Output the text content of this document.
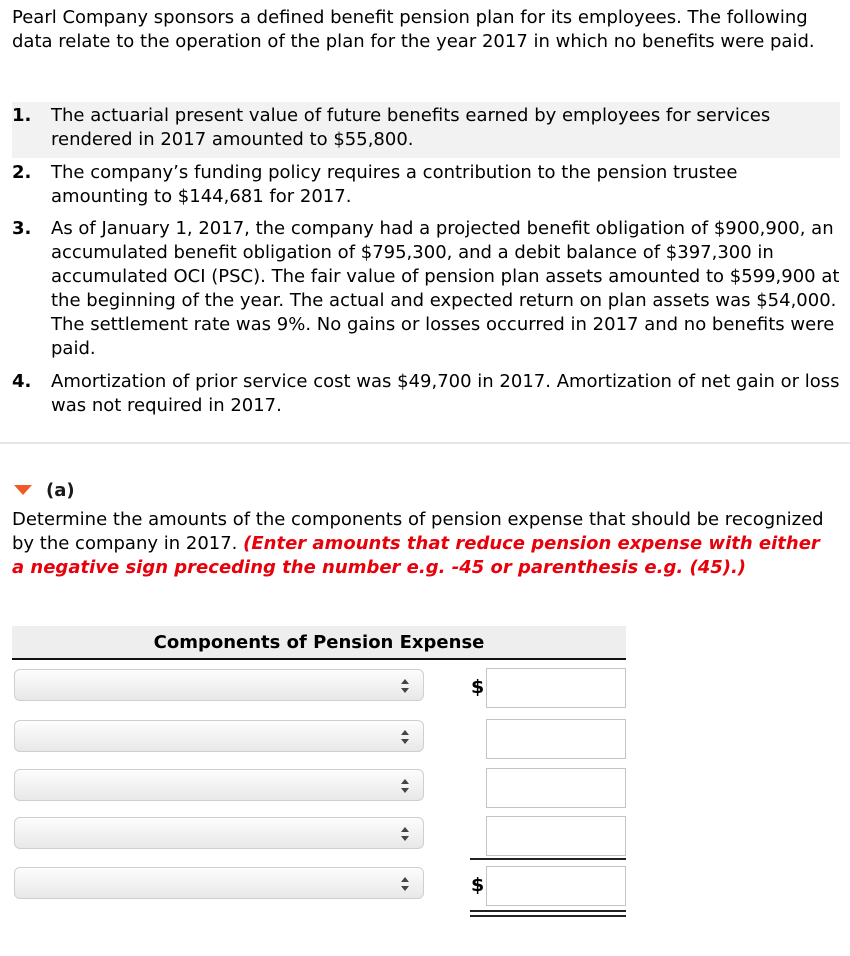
Pearl Company sponsors a defined benefit pension plan for its employees. The following data relate to the operation of the plan for the year 2017 in which no benefits were paid.
1.	The actuarial present value of future benefits earned by employees for services rendered in 2017 amounted to $55,800.
2.	The company’s funding policy requires a contribution to the pension trustee amounting to $144,681 for 2017.
3.	As of January 1, 2017, the company had a projected benefit obligation of $900,900, an accumulated benefit obligation of $795,300, and a debit balance of $397,300 in accumulated OCI (PSC). The fair value of pension plan assets amounted to $599,900 at the beginning of the year. The actual and expected return on plan assets was $54,000. The settlement rate was 9%. No gains or losses occurred in 2017 and no benefits were paid.
4.	Amortization of prior service cost was $49,700 in 2017. Amortization of net gain or loss was not required in 2017.
(a)
Determine the amounts of the components of pension expense that should be recognized by the company in 2017. (Enter amounts that reduce pension expense with either a negative sign preceding the number e.g. -45 or parenthesis e.g. (45).)
Components of Pension Expense
$
$
